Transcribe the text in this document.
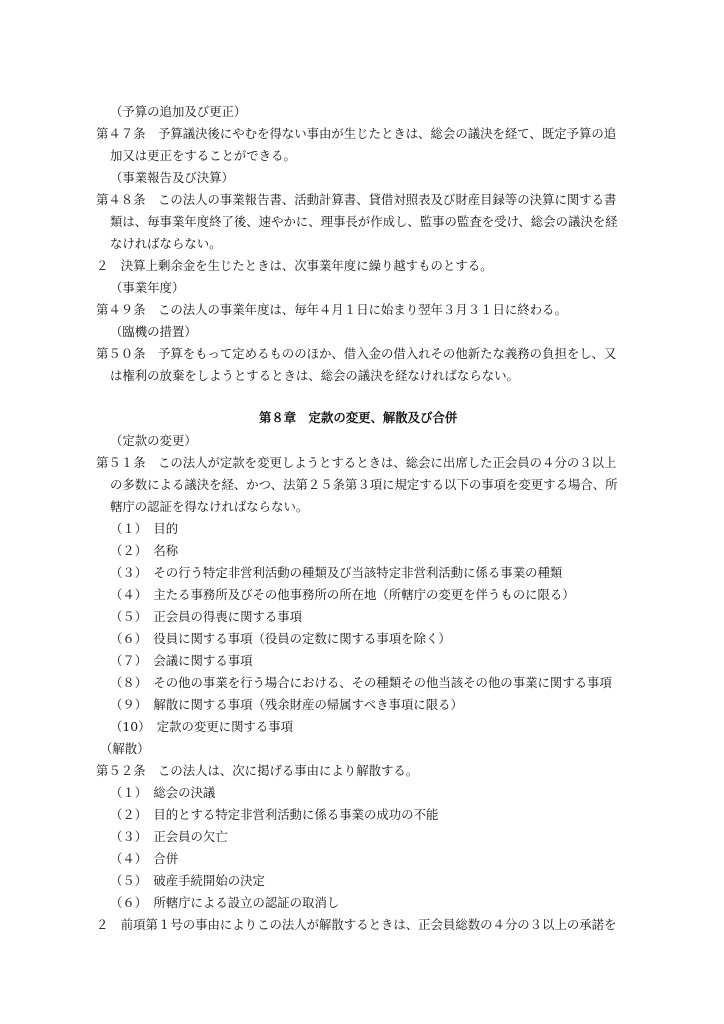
（予算の追加及び更正）
第４７条　予算議決後にやむを得ない事由が生じたときは、総会の議決を経て、既定予算の追
加又は更正をすることができる。
（事業報告及び決算）
第４８条　この法人の事業報告書、活動計算書、貸借対照表及び財産目録等の決算に関する書
類は、毎事業年度終了後、速やかに、理事長が作成し、監事の監査を受け、総会の議決を経
なければならない。
２　決算上剰余金を生じたときは、次事業年度に繰り越すものとする。
（事業年度）
第４９条　この法人の事業年度は、毎年４月１日に始まり翌年３月３１日に終わる。
（臨機の措置）
第５０条　予算をもって定めるもののほか、借入金の借入れその他新たな義務の負担をし、又
は権利の放棄をしようとするときは、総会の議決を経なければならない。
第８章　定款の変更、解散及び合併
（定款の変更）
第５１条　この法人が定款を変更しようとするときは、総会に出席した正会員の４分の３以上
の多数による議決を経、かつ、法第２５条第３項に規定する以下の事項を変更する場合、所
轄庁の認証を得なければならない。
（１）　目的
（２）　名称
（３）　その行う特定非営利活動の種類及び当該特定非営利活動に係る事業の種類
（４）　主たる事務所及びその他事務所の所在地（所轄庁の変更を伴うものに限る）
（５）　正会員の得喪に関する事項
（６）　役員に関する事項（役員の定数に関する事項を除く）
（７）　会議に関する事項
（８）　その他の事業を行う場合における、その種類その他当該その他の事業に関する事項
（９）　解散に関する事項（残余財産の帰属すべき事項に限る）
（10）　定款の変更に関する事項
（解散）
第５２条　この法人は、次に掲げる事由により解散する。
（１）　総会の決議
（２）　目的とする特定非営利活動に係る事業の成功の不能
（３）　正会員の欠亡
（４）　合併
（５）　破産手続開始の決定
（６）　所轄庁による設立の認証の取消し
２　前項第１号の事由によりこの法人が解散するときは、正会員総数の４分の３以上の承諾を
